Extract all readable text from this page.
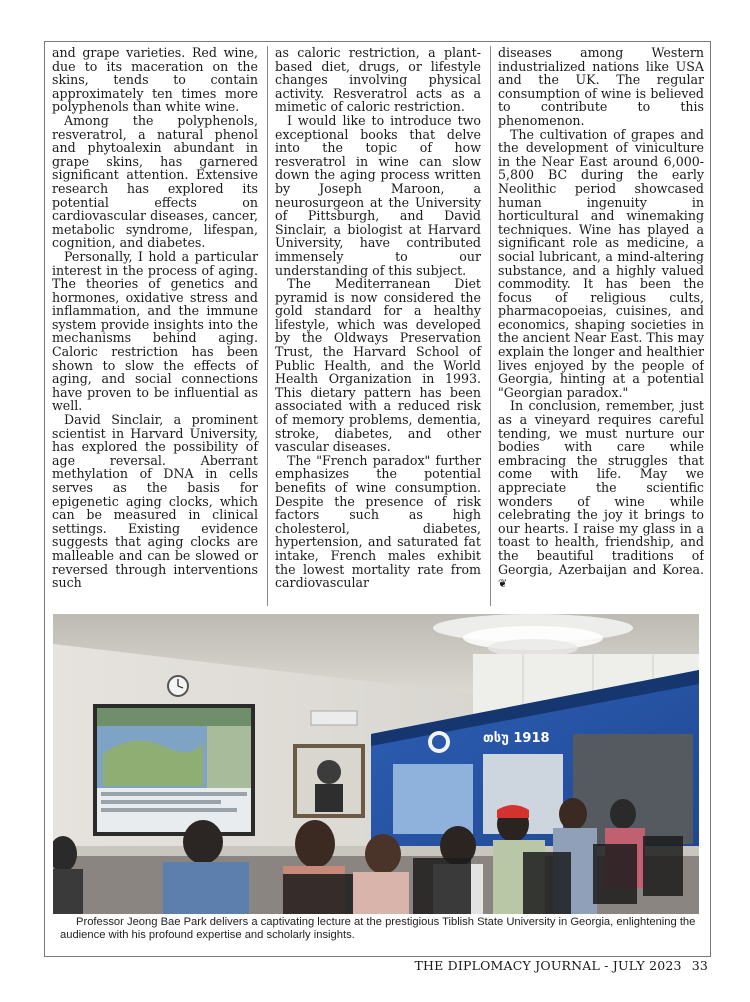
and grape varieties. Red wine, due to its maceration on the skins, tends to contain approximately ten times more polyphenols than white wine.

Among the polyphenols, resveratrol, a natural phenol and phytoalexin abundant in grape skins, has garnered significant attention. Extensive research has explored its potential effects on cardiovascular diseases, cancer, metabolic syndrome, lifespan, cognition, and diabetes.

Personally, I hold a particular interest in the process of aging. The theories of genetics and hormones, oxidative stress and inflammation, and the immune system provide insights into the mechanisms behind aging. Caloric restriction has been shown to slow the effects of aging, and social connections have proven to be influential as well.

David Sinclair, a prominent scientist in Harvard University, has explored the possibility of age reversal. Aberrant methylation of DNA in cells serves as the basis for epigenetic aging clocks, which can be measured in clinical settings. Existing evidence suggests that aging clocks are malleable and can be slowed or reversed through interventions such

as caloric restriction, a plant-based diet, drugs, or lifestyle changes involving physical activity. Resveratrol acts as a mimetic of caloric restriction.

I would like to introduce two exceptional books that delve into the topic of how resveratrol in wine can slow down the aging process written by Joseph Maroon, a neurosurgeon at the University of Pittsburgh, and David Sinclair, a biologist at Harvard University, have contributed immensely to our understanding of this subject.

The Mediterranean Diet pyramid is now considered the gold standard for a healthy lifestyle, which was developed by the Oldways Preservation Trust, the Harvard School of Public Health, and the World Health Organization in 1993. This dietary pattern has been associated with a reduced risk of memory problems, dementia, stroke, diabetes, and other vascular diseases.

The "French paradox" further emphasizes the potential benefits of wine consumption. Despite the presence of risk factors such as high cholesterol, diabetes, hypertension, and saturated fat intake, French males exhibit the lowest mortality rate from cardiovascular

diseases among Western industrialized nations like USA and the UK. The regular consumption of wine is believed to contribute to this phenomenon.

The cultivation of grapes and the development of viniculture in the Near East around 6,000-5,800 BC during the early Neolithic period showcased human ingenuity in horticultural and winemaking techniques. Wine has played a significant role as medicine, a social lubricant, a mind-altering substance, and a highly valued commodity. It has been the focus of religious cults, pharmacopoeias, cuisines, and economics, shaping societies in the ancient Near East. This may explain the longer and healthier lives enjoyed by the people of Georgia, hinting at a potential "Georgian paradox."

In conclusion, remember, just as a vineyard requires careful tending, we must nurture our bodies with care while embracing the struggles that come with life. May we appreciate the scientific wonders of wine while celebrating the joy it brings to our hearts. I raise my glass in a toast to health, friendship, and the beautiful traditions of Georgia, Azerbaijan and Korea. ❦

თსუ 1918
Professor Jeong Bae Park delivers a captivating lecture at the prestigious Tiblish State University in Georgia, enlightening the audience with his profound expertise and scholarly insights.
THE DIPLOMACY JOURNAL - JULY 2023 33
